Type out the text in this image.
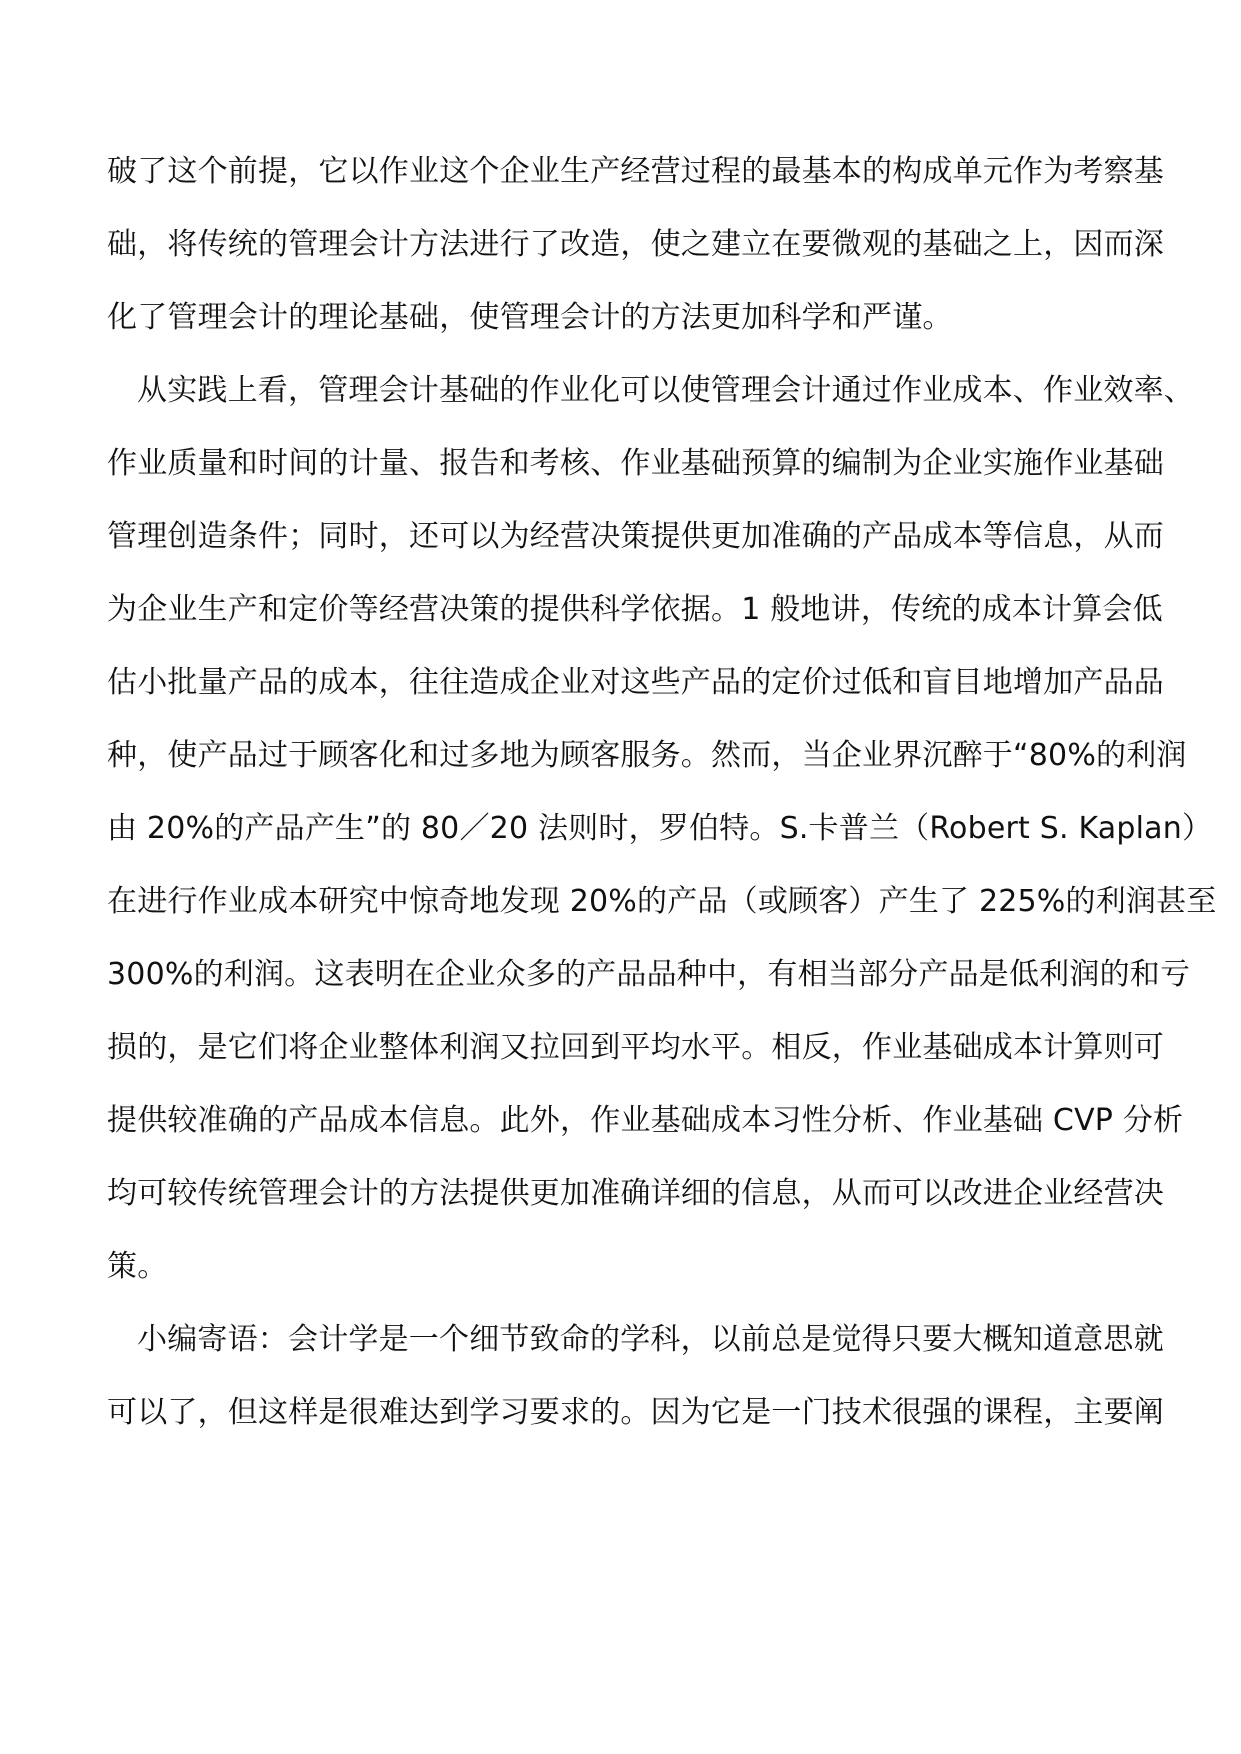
破了这个前提，它以作业这个企业生产经营过程的最基本的构成单元作为考察基
础，将传统的管理会计方法进行了改造，使之建立在要微观的基础之上，因而深
化了管理会计的理论基础，使管理会计的方法更加科学和严谨。
从实践上看，管理会计基础的作业化可以使管理会计通过作业成本、作业效率、
作业质量和时间的计量、报告和考核、作业基础预算的编制为企业实施作业基础
管理创造条件；同时，还可以为经营决策提供更加准确的产品成本等信息，从而
为企业生产和定价等经营决策的提供科学依据。1 般地讲，传统的成本计算会低
估小批量产品的成本，往往造成企业对这些产品的定价过低和盲目地增加产品品
种，使产品过于顾客化和过多地为顾客服务。然而，当企业界沉醉于“80%的利润
由 20%的产品产生”的 80／20 法则时，罗伯特。S.卡普兰（Robert S. Kaplan）
在进行作业成本研究中惊奇地发现 20%的产品（或顾客）产生了 225%的利润甚至
300%的利润。这表明在企业众多的产品品种中，有相当部分产品是低利润的和亏
损的，是它们将企业整体利润又拉回到平均水平。相反，作业基础成本计算则可
提供较准确的产品成本信息。此外，作业基础成本习性分析、作业基础 CVP 分析
均可较传统管理会计的方法提供更加准确详细的信息，从而可以改进企业经营决
策。
小编寄语：会计学是一个细节致命的学科，以前总是觉得只要大概知道意思就
可以了，但这样是很难达到学习要求的。因为它是一门技术很强的课程，主要阐
